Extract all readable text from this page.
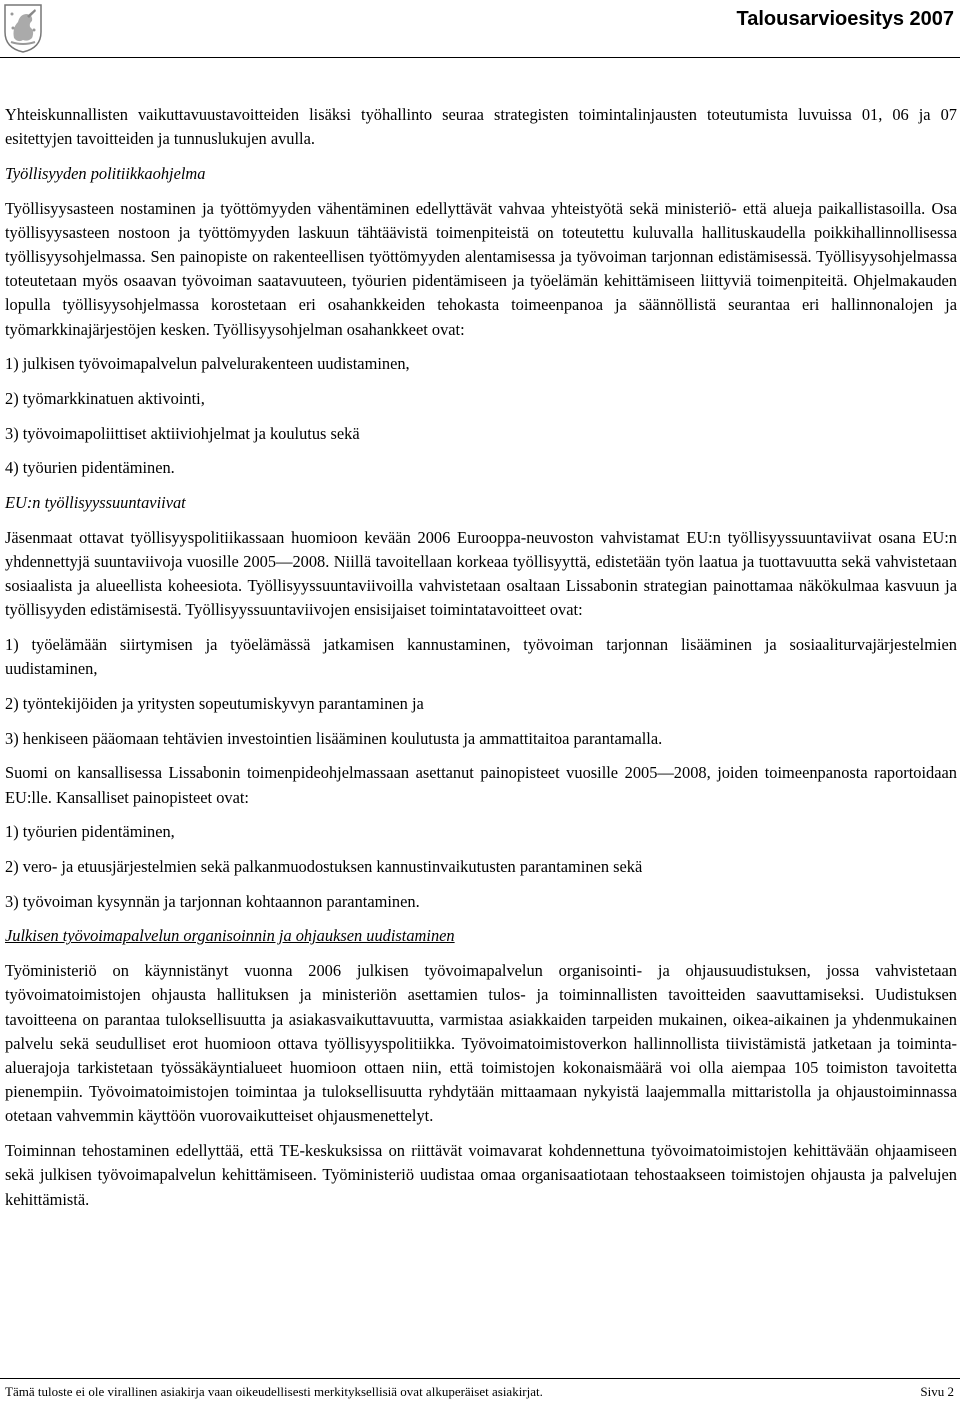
Talousarvioesitys 2007

Yhteiskunnallisten vaikuttavuustavoitteiden lisäksi työhallinto seuraa strategisten toimintalinjausten toteutumista luvuissa 01, 06 ja 07 esitettyjen tavoitteiden ja tunnuslukujen avulla.

Työllisyyden politiikkaohjelma

Työllisyysasteen nostaminen ja työttömyyden vähentäminen edellyttävät vahvaa yhteistyötä sekä ministeriö- että alueja paikallistasoilla. Osa työllisyysasteen nostoon ja työttömyyden laskuun tähtäävistä toimenpiteistä on toteutettu kuluvalla hallituskaudella poikkihallinnollisessa työllisyysohjelmassa. Sen painopiste on rakenteellisen työttömyyden alentamisessa ja työvoiman tarjonnan edistämisessä. Työllisyysohjelmassa toteutetaan myös osaavan työvoiman saatavuuteen, työurien pidentämiseen ja työelämän kehittämiseen liittyviä toimenpiteitä. Ohjelmakauden lopulla työllisyysohjelmassa korostetaan eri osahankkeiden tehokasta toimeenpanoa ja säännöllistä seurantaa eri hallinnonalojen ja työmarkkinajärjestöjen kesken. Työllisyysohjelman osahankkeet ovat:

1) julkisen työvoimapalvelun palvelurakenteen uudistaminen,

2) työmarkkinatuen aktivointi,

3) työvoimapoliittiset aktiiviohjelmat ja koulutus sekä

4) työurien pidentäminen.

EU:n työllisyyssuuntaviivat

Jäsenmaat ottavat työllisyyspolitiikassaan huomioon kevään 2006 Eurooppa-neuvoston vahvistamat EU:n työllisyyssuuntaviivat osana EU:n yhdennettyjä suuntaviivoja vuosille 2005—2008. Niillä tavoitellaan korkeaa työllisyyttä, edistetään työn laatua ja tuottavuutta sekä vahvistetaan sosiaalista ja alueellista koheesiota. Työllisyyssuuntaviivoilla vahvistetaan osaltaan Lissabonin strategian painottamaa näkökulmaa kasvuun ja työllisyyden edistämisestä. Työllisyyssuuntaviivojen ensisijaiset toimintatavoitteet ovat:

1) työelämään siirtymisen ja työelämässä jatkamisen kannustaminen, työvoiman tarjonnan lisääminen ja sosiaaliturvajärjestelmien uudistaminen,

2) työntekijöiden ja yritysten sopeutumiskyvyn parantaminen ja

3) henkiseen pääomaan tehtävien investointien lisääminen koulutusta ja ammattitaitoa parantamalla.

Suomi on kansallisessa Lissabonin toimenpideohjelmassaan asettanut painopisteet vuosille 2005—2008, joiden toimeenpanosta raportoidaan EU:lle. Kansalliset painopisteet ovat:

1) työurien pidentäminen,

2) vero- ja etuusjärjestelmien sekä palkanmuodostuksen kannustinvaikutusten parantaminen sekä

3) työvoiman kysynnän ja tarjonnan kohtaannon parantaminen.

Julkisen työvoimapalvelun organisoinnin ja ohjauksen uudistaminen

Työministeriö on käynnistänyt vuonna 2006 julkisen työvoimapalvelun organisointi- ja ohjausuudistuksen, jossa vahvistetaan työvoimatoimistojen ohjausta hallituksen ja ministeriön asettamien tulos- ja toiminnallisten tavoitteiden saavuttamiseksi. Uudistuksen tavoitteena on parantaa tuloksellisuutta ja asiakasvaikuttavuutta, varmistaa asiakkaiden tarpeiden mukainen, oikea-aikainen ja yhdenmukainen palvelu sekä seudulliset erot huomioon ottava työllisyyspolitiikka. Työvoimatoimistoverkon hallinnollista tiivistämistä jatketaan ja toiminta-aluerajoja tarkistetaan työssäkäyntialueet huomioon ottaen niin, että toimistojen kokonaismäärä voi olla aiempaa 105 toimiston tavoitetta pienempiin. Työvoimatoimistojen toimintaa ja tuloksellisuutta ryhdytään mittaamaan nykyistä laajemmalla mittaristolla ja ohjaustoiminnassa otetaan vahvemmin käyttöön vuorovaikutteiset ohjausmenettelyt.

Toiminnan tehostaminen edellyttää, että TE-keskuksissa on riittävät voimavarat kohdennettuna työvoimatoimistojen kehittävään ohjaamiseen sekä julkisen työvoimapalvelun kehittämiseen. Työministeriö uudistaa omaa organisaatiotaan tehostaakseen toimistojen ohjausta ja palvelujen kehittämistä.

Tämä tuloste ei ole virallinen asiakirja vaan oikeudellisesti merkityksellisiä ovat alkuperäiset asiakirjat.	Sivu 2
